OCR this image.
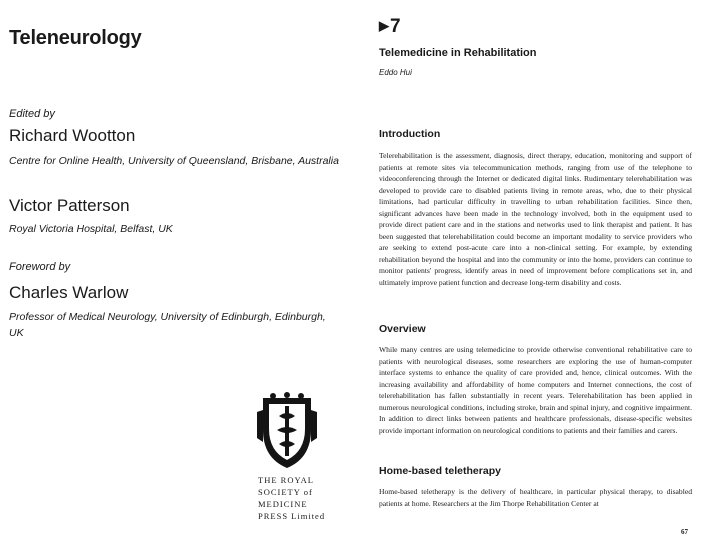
Teleneurology
Edited by
Richard Wootton
Centre for Online Health, University of Queensland, Brisbane, Australia
Victor Patterson
Royal Victoria Hospital, Belfast, UK
Foreword by
Charles Warlow
Professor of Medical Neurology, University of Edinburgh, Edinburgh, UK
THE ROYAL
SOCIETY of
MEDICINE
PRESS Limited
▶7
Telemedicine in Rehabilitation
Eddo Hui
Introduction
Telerehabilitation is the assessment, diagnosis, direct therapy, education, monitoring and support of patients at remote sites via telecommunication methods, ranging from use of the telephone to videoconferencing through the Internet or dedicated digital links. Rudimentary telerehabilitation was developed to provide care to disabled patients living in remote areas, who, due to their physical limitations, had particular difficulty in travelling to urban rehabilitation facilities. Since then, significant advances have been made in the technology involved, both in the equipment used to provide direct patient care and in the stations and networks used to link therapist and patient. It has been suggested that telerehabilitation could become an important modality to service providers who are seeking to extend post-acute care into a non-clinical setting. For example, by extending rehabilitation beyond the hospital and into the community or into the home, providers can continue to monitor patients' progress, identify areas in need of improvement before complications set in, and ultimately improve patient function and decrease long-term disability and costs.
Overview
While many centres are using telemedicine to provide otherwise conventional rehabilitative care to patients with neurological diseases, some researchers are exploring the use of human-computer interface systems to enhance the quality of care provided and, hence, clinical outcomes. With the increasing availability and affordability of home computers and Internet connections, the cost of telerehabilitation has fallen substantially in recent years. Telerehabilitation has been applied in numerous neurological conditions, including stroke, brain and spinal injury, and cognitive impairment. In addition to direct links between patients and healthcare professionals, disease-specific websites provide important information on neurological conditions to patients and their families and carers.
Home-based teletherapy
Home-based teletherapy is the delivery of healthcare, in particular physical therapy, to disabled patients at home. Researchers at the Jim Thorpe Rehabilitation Center at
67
